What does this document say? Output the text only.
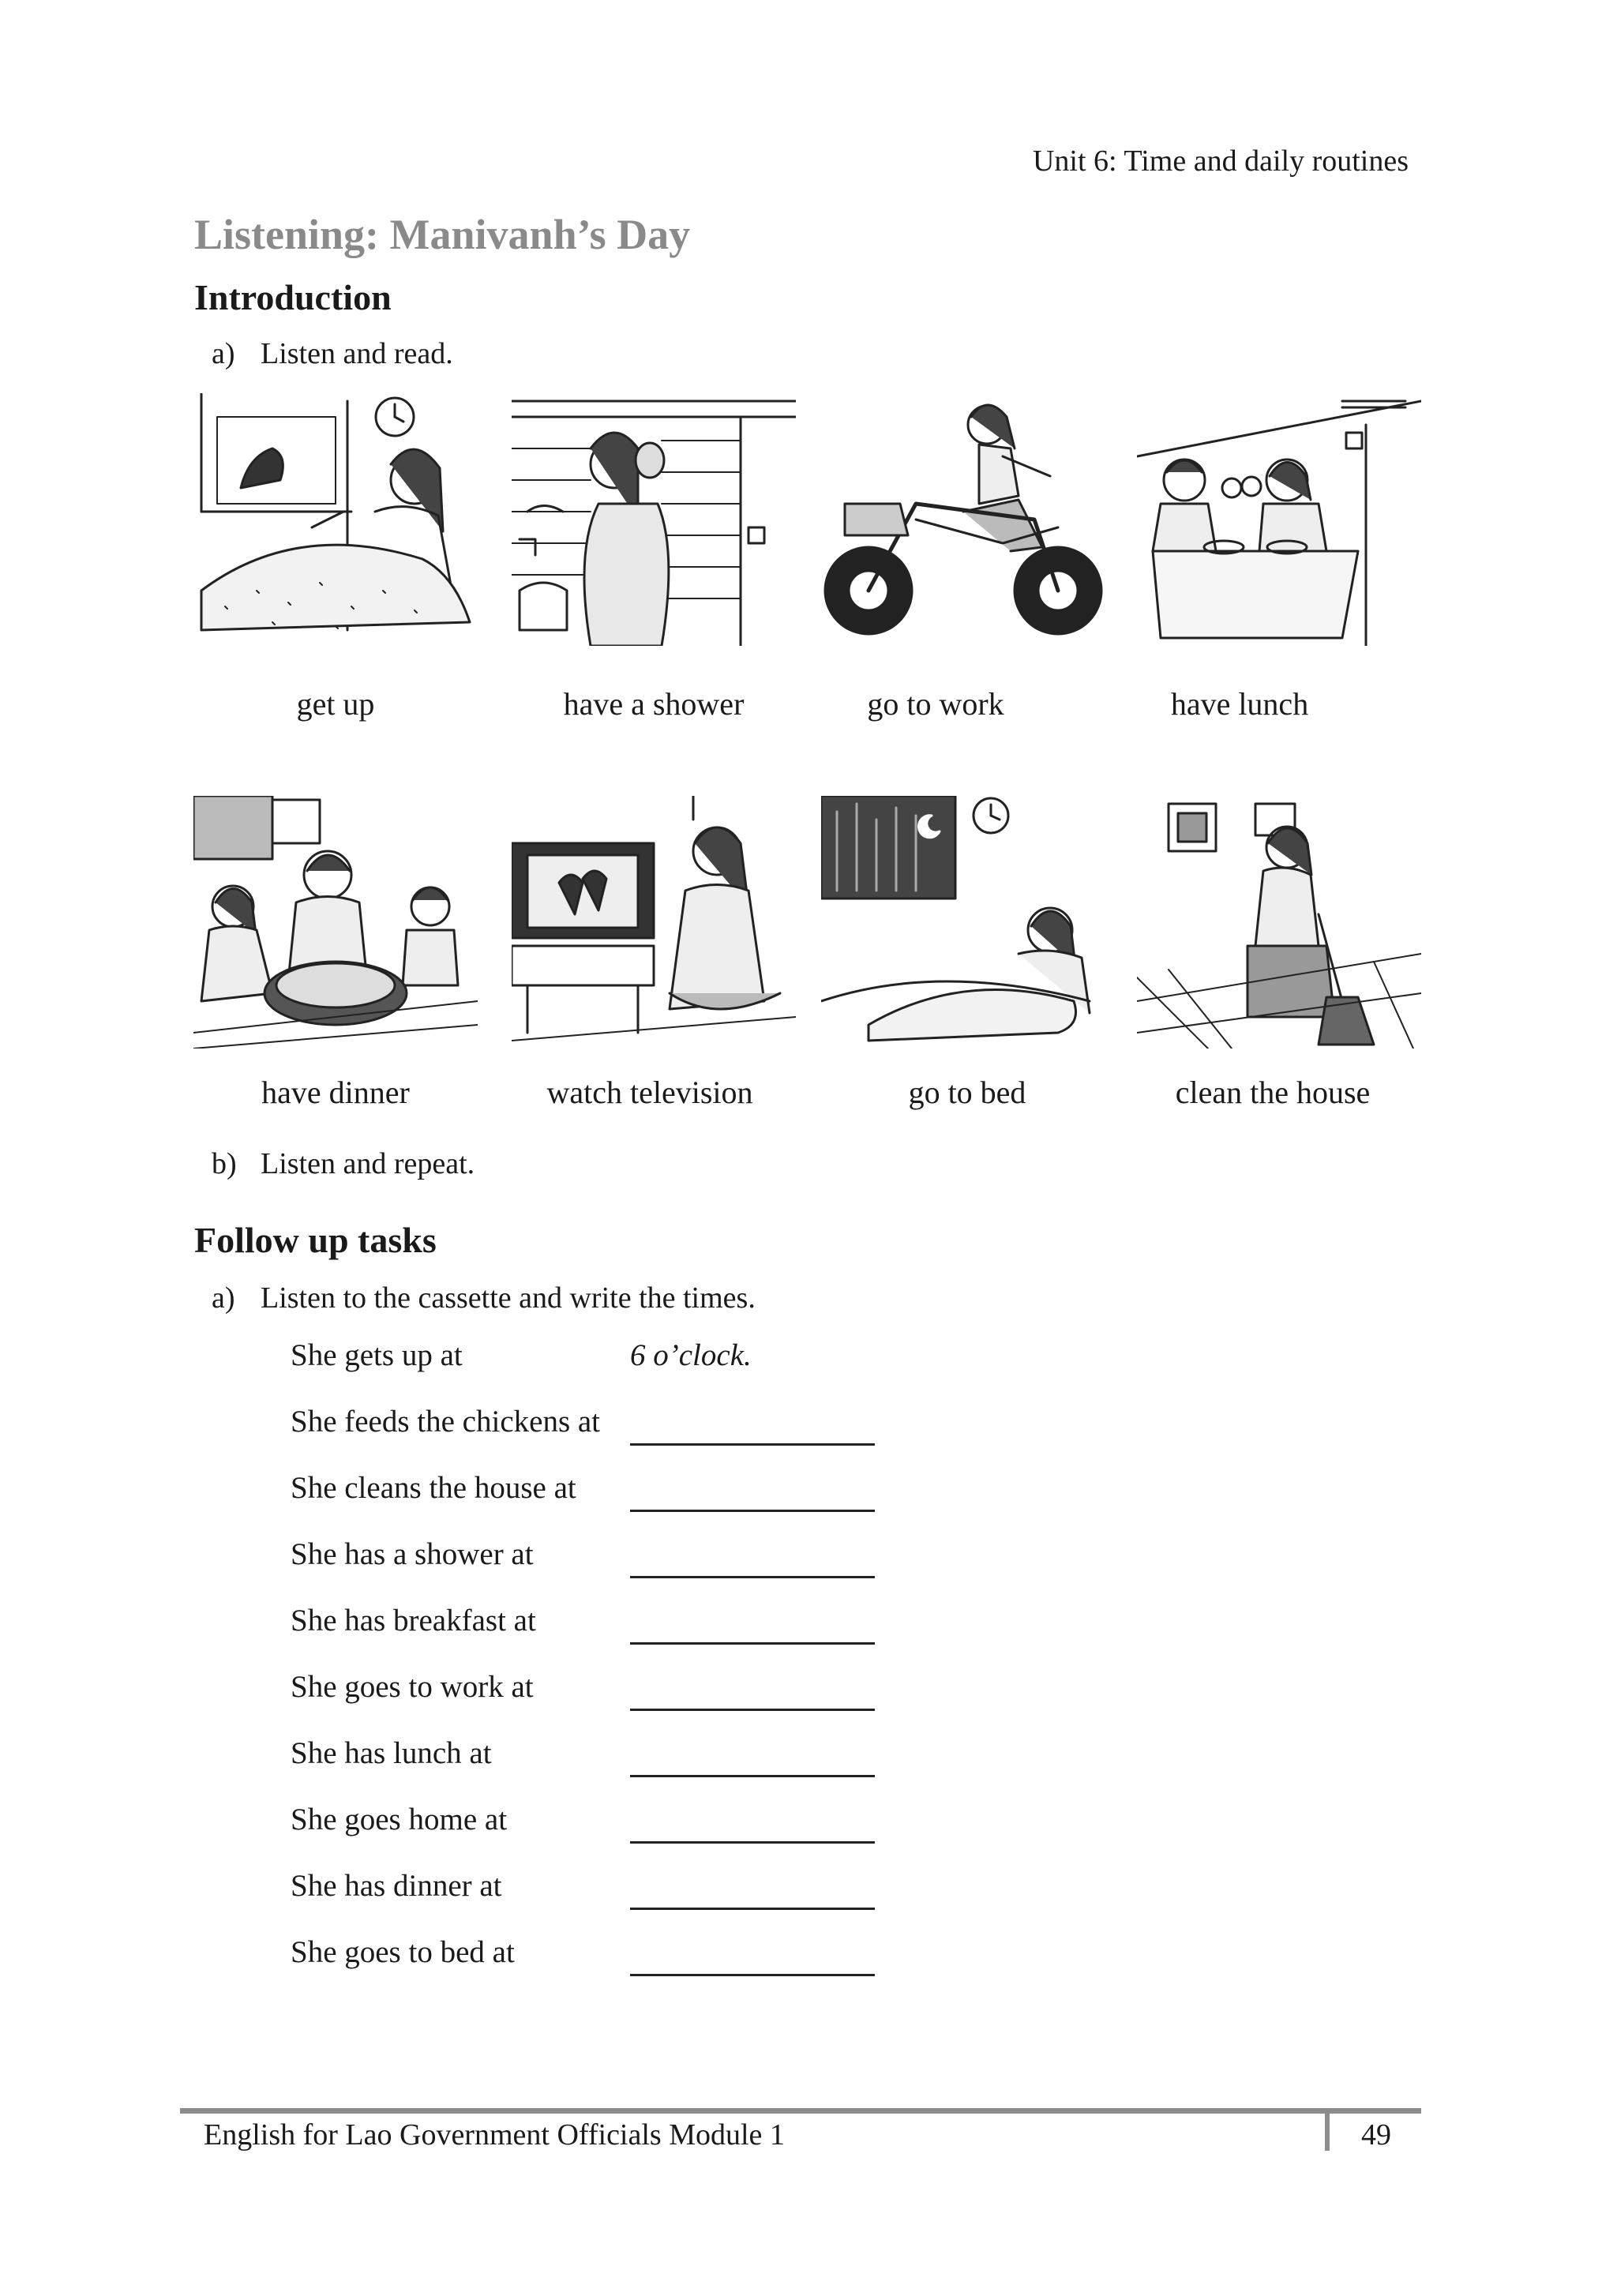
Unit 6: Time and daily routines
Listening: Manivanh’s Day
Introduction
a) Listen and read.
get up	have a shower	go to work	have lunch
have dinner	watch television	go to bed	clean the house
b) Listen and repeat.
Follow up tasks
a) Listen to the cassette and write the times.
She gets up at	6 o’clock.
She feeds the chickens at
She cleans the house at
She has a shower at
She has breakfast at
She goes to work at
She has lunch at
She goes home at
She has dinner at
She goes to bed at
English for Lao Government Officials Module 1	49
